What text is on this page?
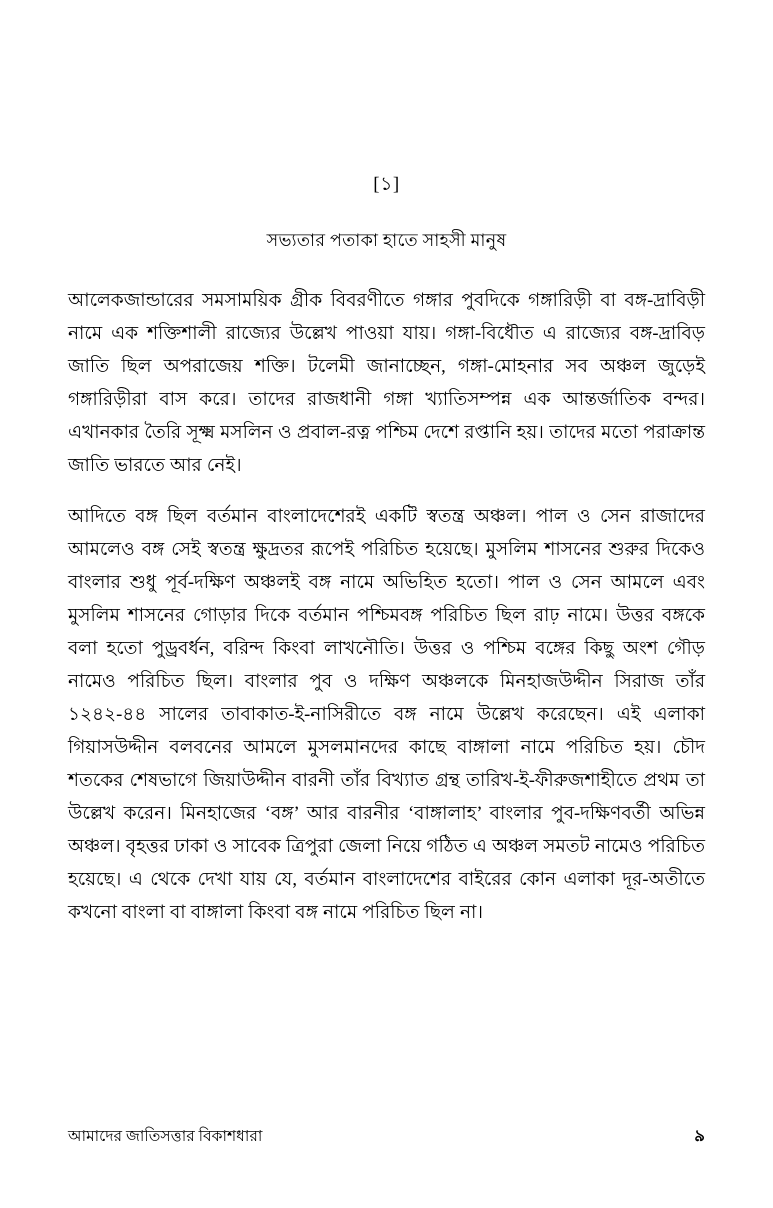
[১]
সভ্যতার পতাকা হাতে সাহসী মানুষ

আলেকজান্ডারের সমসাময়িক গ্রীক বিবরণীতে গঙ্গার পুবদিকে গঙ্গারিড়ী বা বঙ্গ-দ্রাবিড়ী নামে এক শক্তিশালী রাজ্যের উল্লেখ পাওয়া যায়। গঙ্গা-বিধৌত এ রাজ্যের বঙ্গ-দ্রাবিড় জাতি ছিল অপরাজেয় শক্তি। টলেমী জানাচ্ছেন, গঙ্গা-মোহনার সব অঞ্চল জুড়েই গঙ্গারিড়ীরা বাস করে। তাদের রাজধানী গঙ্গা খ্যাতিসম্পন্ন এক আন্তর্জাতিক বন্দর। এখানকার তৈরি সূক্ষ্ম মসলিন ও প্রবাল-রত্ন পশ্চিম দেশে রপ্তানি হয়। তাদের মতো পরাক্রান্ত জাতি ভারতে আর নেই।

আদিতে বঙ্গ ছিল বর্তমান বাংলাদেশেরই একটি স্বতন্ত্র অঞ্চল। পাল ও সেন রাজাদের আমলেও বঙ্গ সেই স্বতন্ত্র ক্ষুদ্রতর রূপেই পরিচিত হয়েছে। মুসলিম শাসনের শুরুর দিকেও বাংলার শুধু পূর্ব-দক্ষিণ অঞ্চলই বঙ্গ নামে অভিহিত হতো। পাল ও সেন আমলে এবং মুসলিম শাসনের গোড়ার দিকে বর্তমান পশ্চিমবঙ্গ পরিচিত ছিল রাঢ় নামে। উত্তর বঙ্গকে বলা হতো পুড্রবর্ধন, বরিন্দ কিংবা লাখনৌতি। উত্তর ও পশ্চিম বঙ্গের কিছু অংশ গৌড় নামেও পরিচিত ছিল। বাংলার পুব ও দক্ষিণ অঞ্চলকে মিনহাজউদ্দীন সিরাজ তাঁর ১২৪২-৪৪ সালের তাবাকাত-ই-নাসিরীতে বঙ্গ নামে উল্লেখ করেছেন। এই এলাকা গিয়াসউদ্দীন বলবনের আমলে মুসলমানদের কাছে বাঙ্গালা নামে পরিচিত হয়। চৌদ শতকের শেষভাগে জিয়াউদ্দীন বারনী তাঁর বিখ্যাত গ্রন্থ তারিখ-ই-ফীরুজশাহীতে প্রথম তা উল্লেখ করেন। মিনহাজের ‘বঙ্গ’ আর বারনীর ‘বাঙ্গালাহ’ বাংলার পুব-দক্ষিণবর্তী অভিন্ন অঞ্চল। বৃহত্তর ঢাকা ও সাবেক ত্রিপুরা জেলা নিয়ে গঠিত এ অঞ্চল সমতট নামেও পরিচিত হয়েছে। এ থেকে দেখা যায় যে, বর্তমান বাংলাদেশের বাইরের কোন এলাকা দূর-অতীতে কখনো বাংলা বা বাঙ্গালা কিংবা বঙ্গ নামে পরিচিত ছিল না।

আমাদের জাতিসত্তার বিকাশধারা	৯
